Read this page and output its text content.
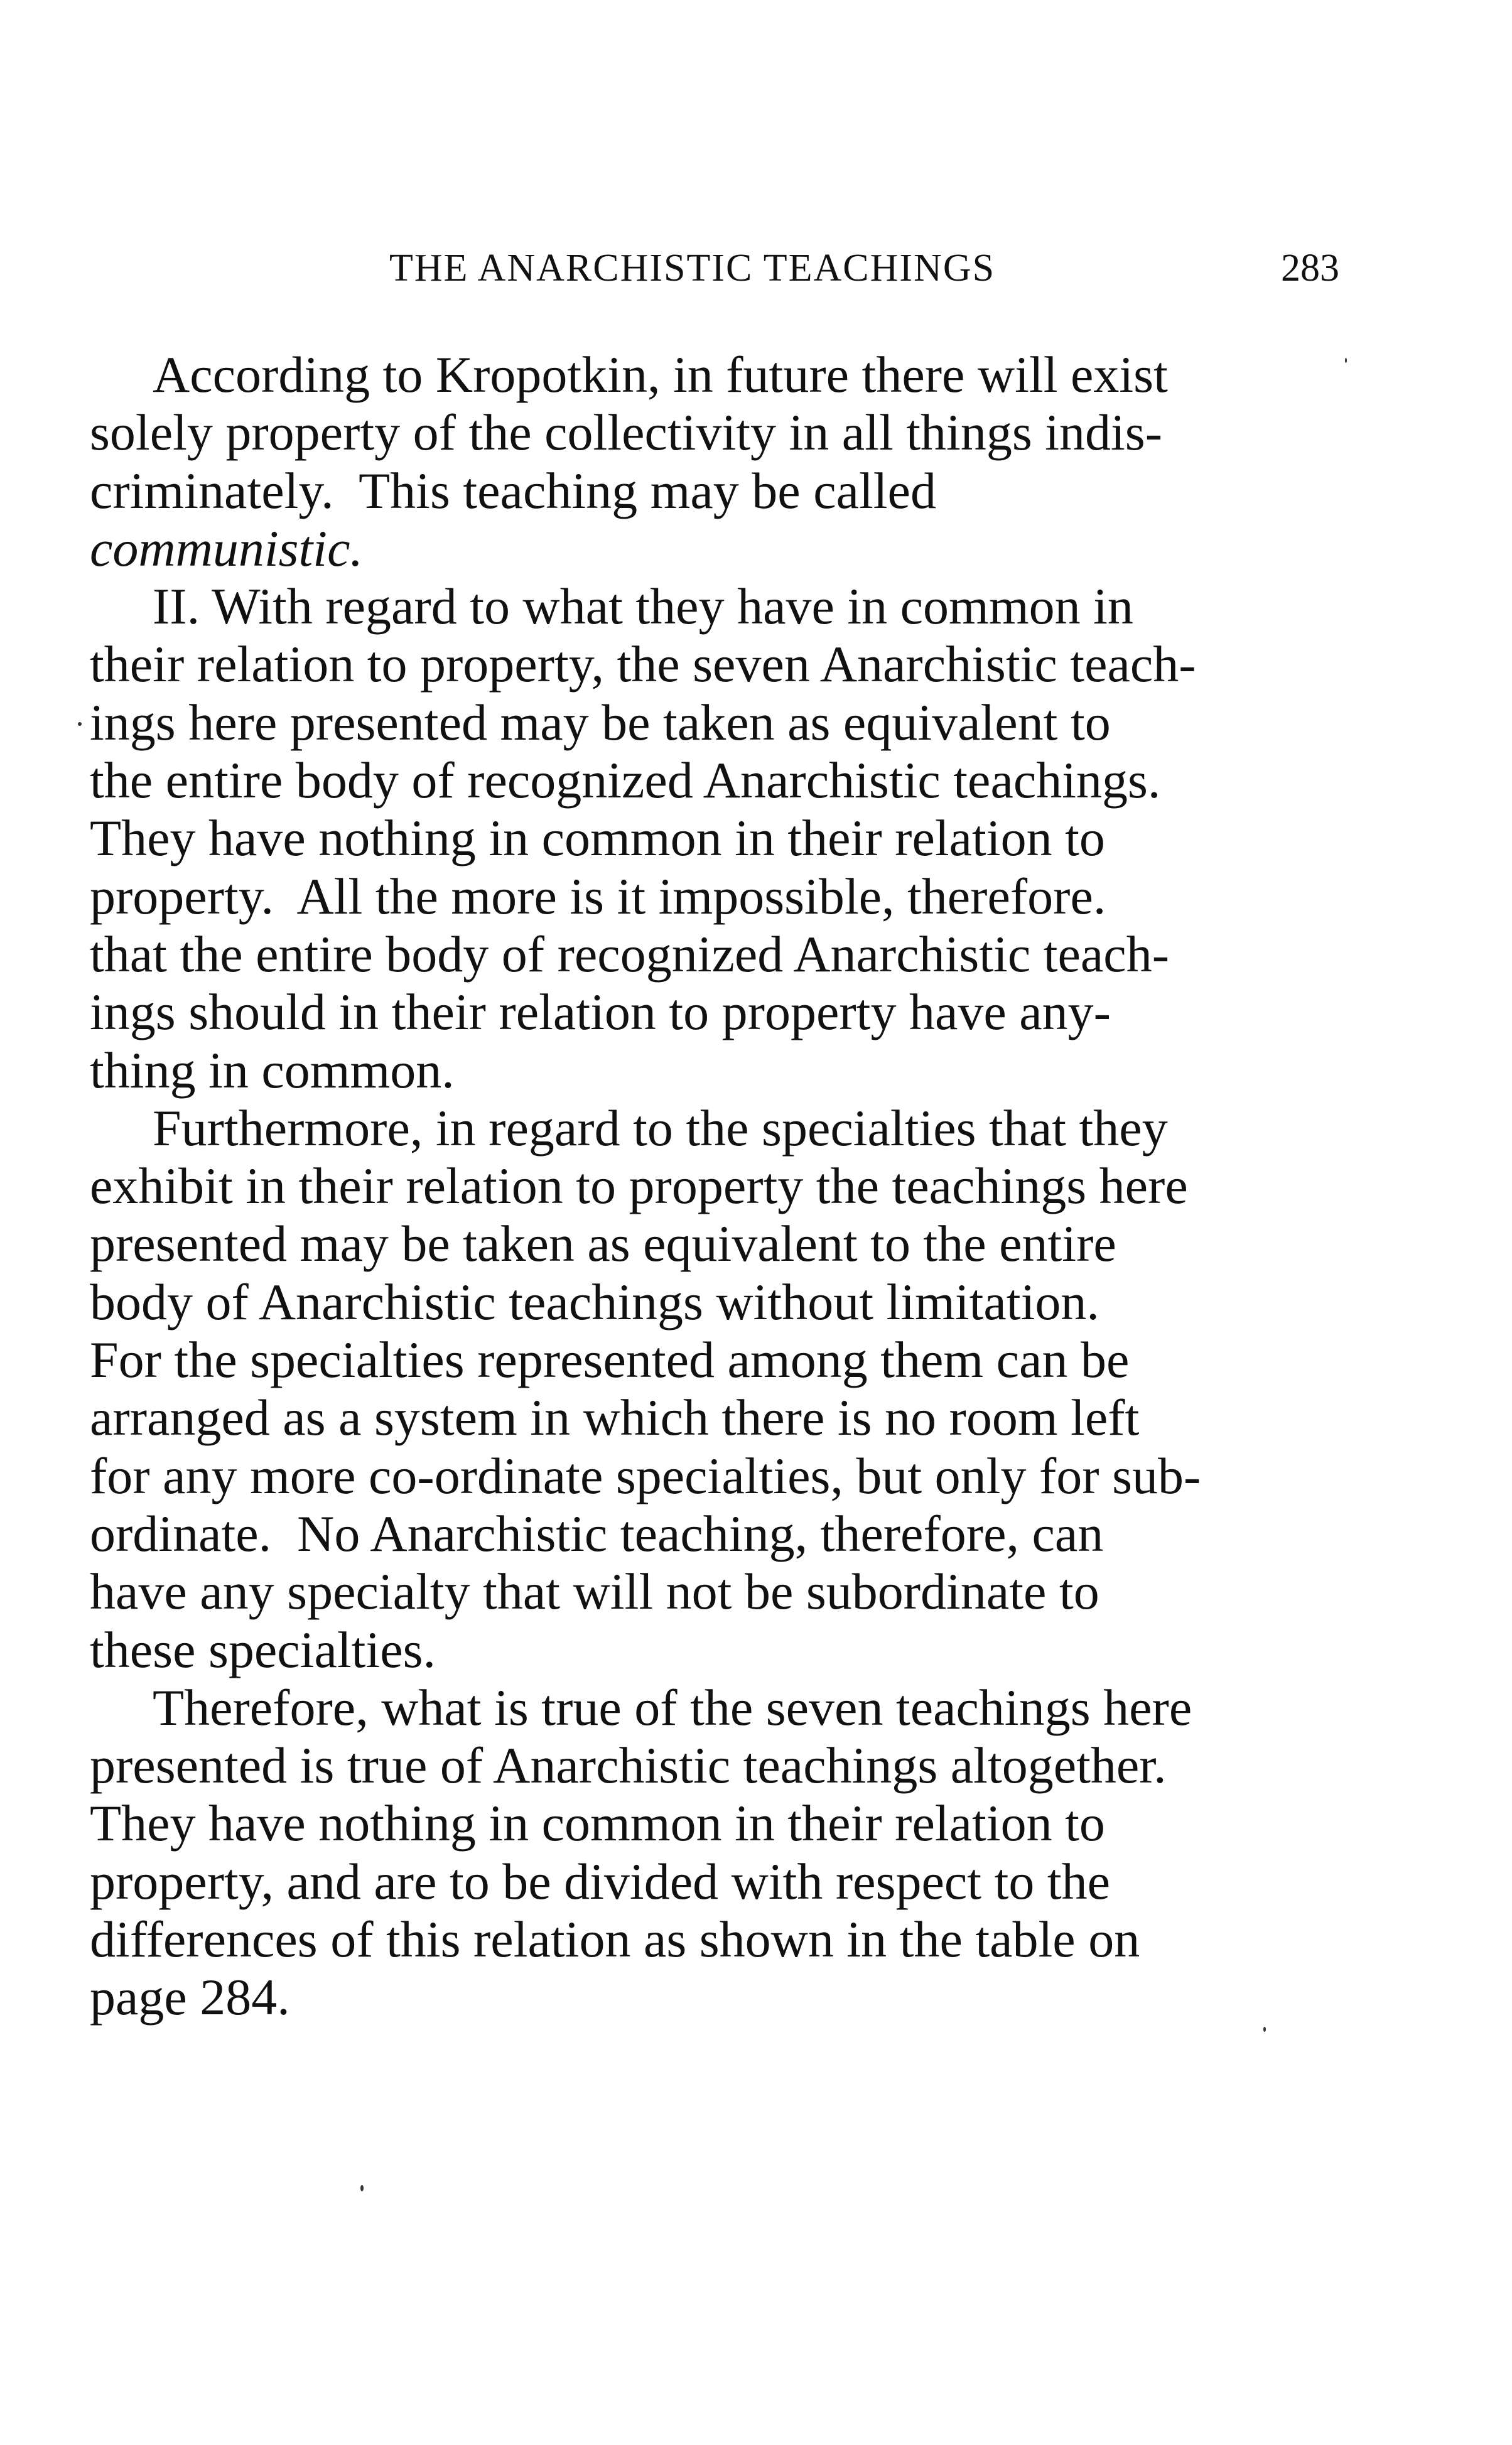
THE ANARCHISTIC TEACHINGS	283
According to Kropotkin, in future there will exist
solely property of the collectivity in all things indis-
criminately.  This teaching may be called
communistic.
II. With regard to what they have in common in
their relation to property, the seven Anarchistic teach-
ings here presented may be taken as equivalent to
the entire body of recognized Anarchistic teachings.
They have nothing in common in their relation to
property.  All the more is it impossible, therefore.
that the entire body of recognized Anarchistic teach-
ings should in their relation to property have any-
thing in common.
Furthermore, in regard to the specialties that they
exhibit in their relation to property the teachings here
presented may be taken as equivalent to the entire
body of Anarchistic teachings without limitation.
For the specialties represented among them can be
arranged as a system in which there is no room left
for any more co-ordinate specialties, but only for sub-
ordinate.  No Anarchistic teaching, therefore, can
have any specialty that will not be subordinate to
these specialties.
Therefore, what is true of the seven teachings here
presented is true of Anarchistic teachings altogether.
They have nothing in common in their relation to
property, and are to be divided with respect to the
differences of this relation as shown in the table on
page 284.
